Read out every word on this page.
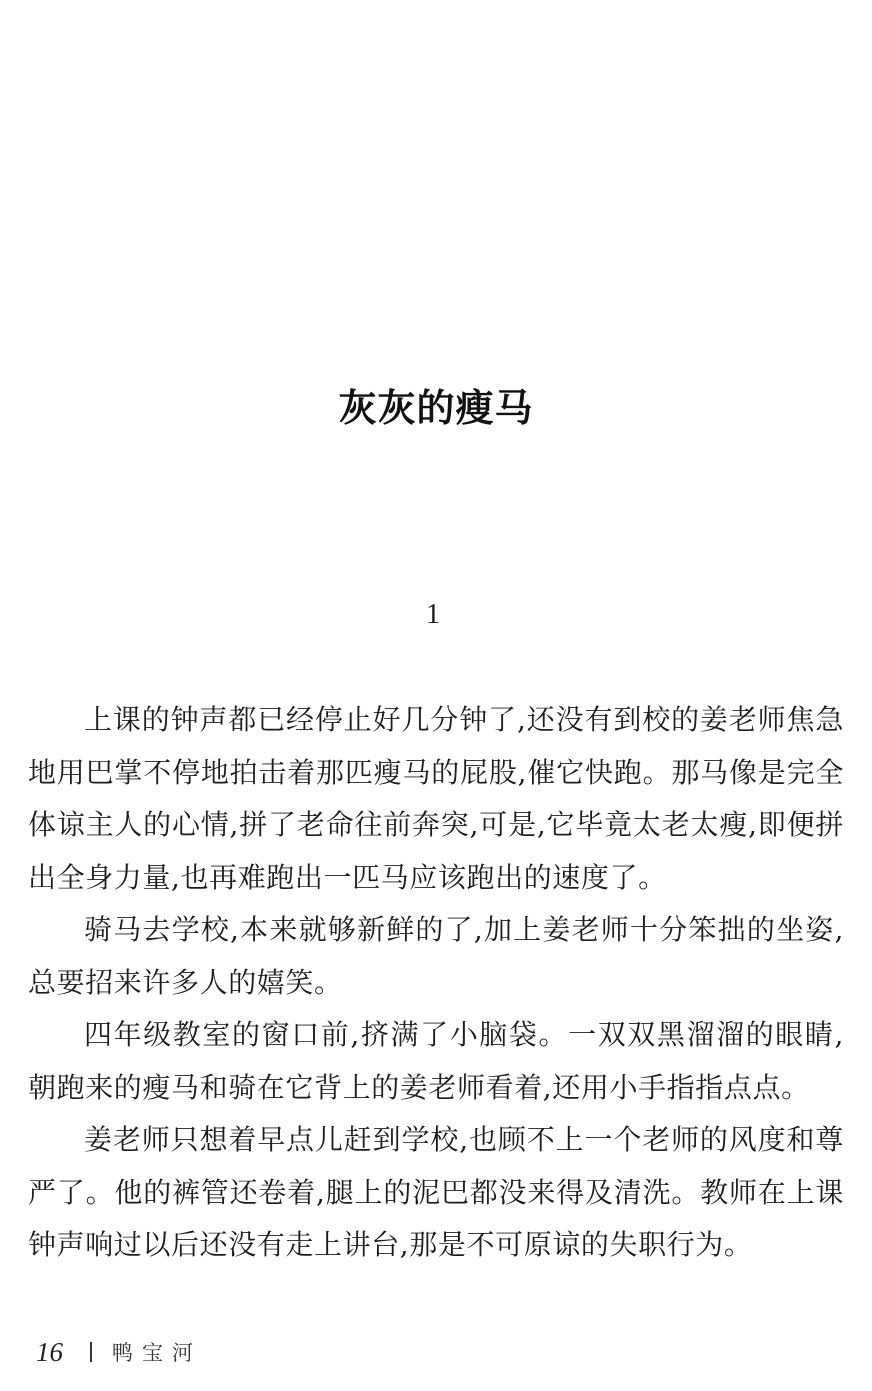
灰灰的瘦马
1

上课的钟声都已经停止好几分钟了,还没有到校的姜老师焦急地用巴掌不停地拍击着那匹瘦马的屁股,催它快跑。那马像是完全体谅主人的心情,拼了老命往前奔突,可是,它毕竟太老太瘦,即便拼出全身力量,也再难跑出一匹马应该跑出的速度了。

骑马去学校,本来就够新鲜的了,加上姜老师十分笨拙的坐姿,总要招来许多人的嬉笑。

四年级教室的窗口前,挤满了小脑袋。一双双黑溜溜的眼睛,朝跑来的瘦马和骑在它背上的姜老师看着,还用小手指指点点。

姜老师只想着早点儿赶到学校,也顾不上一个老师的风度和尊严了。他的裤管还卷着,腿上的泥巴都没来得及清洗。教师在上课钟声响过以后还没有走上讲台,那是不可原谅的失职行为。

16	鸭宝河
